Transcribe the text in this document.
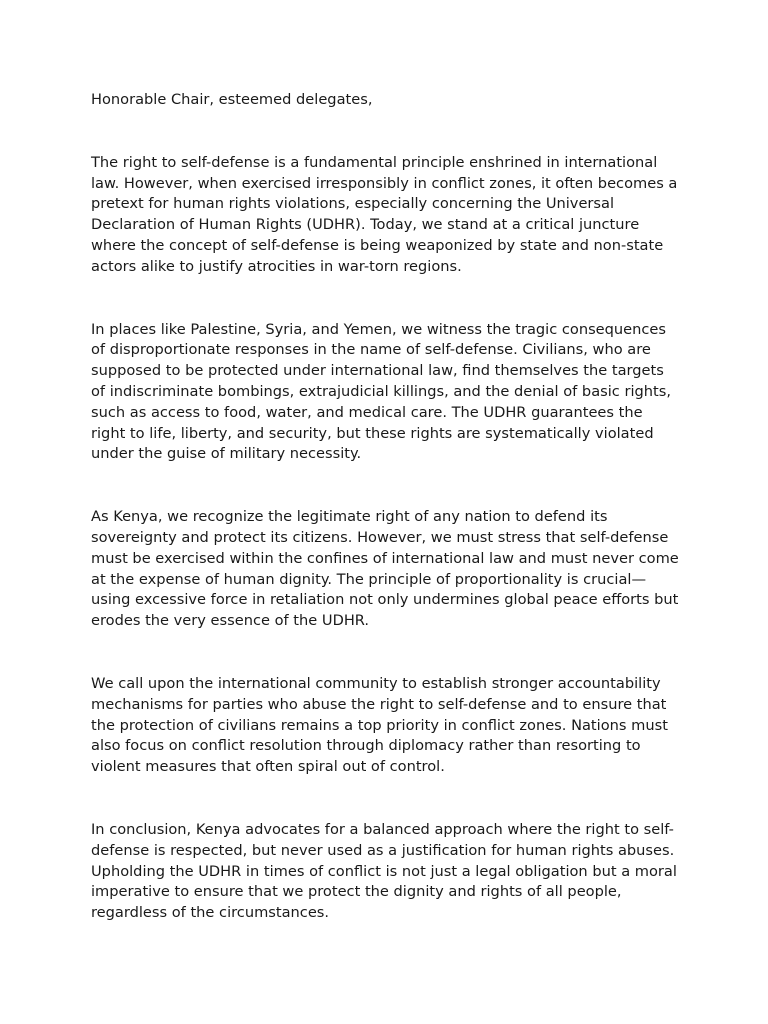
Honorable Chair, esteemed delegates,

The right to self-defense is a fundamental principle enshrined in international law. However, when exercised irresponsibly in conflict zones, it often becomes a pretext for human rights violations, especially concerning the Universal Declaration of Human Rights (UDHR). Today, we stand at a critical juncture where the concept of self-defense is being weaponized by state and non-state actors alike to justify atrocities in war-torn regions.

In places like Palestine, Syria, and Yemen, we witness the tragic consequences of disproportionate responses in the name of self-defense. Civilians, who are supposed to be protected under international law, find themselves the targets of indiscriminate bombings, extrajudicial killings, and the denial of basic rights, such as access to food, water, and medical care. The UDHR guarantees the right to life, liberty, and security, but these rights are systematically violated under the guise of military necessity.

As Kenya, we recognize the legitimate right of any nation to defend its sovereignty and protect its citizens. However, we must stress that self-defense must be exercised within the confines of international law and must never come at the expense of human dignity. The principle of proportionality is crucial—using excessive force in retaliation not only undermines global peace efforts but erodes the very essence of the UDHR.

We call upon the international community to establish stronger accountability mechanisms for parties who abuse the right to self-defense and to ensure that the protection of civilians remains a top priority in conflict zones. Nations must also focus on conflict resolution through diplomacy rather than resorting to violent measures that often spiral out of control.

In conclusion, Kenya advocates for a balanced approach where the right to self-defense is respected, but never used as a justification for human rights abuses. Upholding the UDHR in times of conflict is not just a legal obligation but a moral imperative to ensure that we protect the dignity and rights of all people, regardless of the circumstances.
